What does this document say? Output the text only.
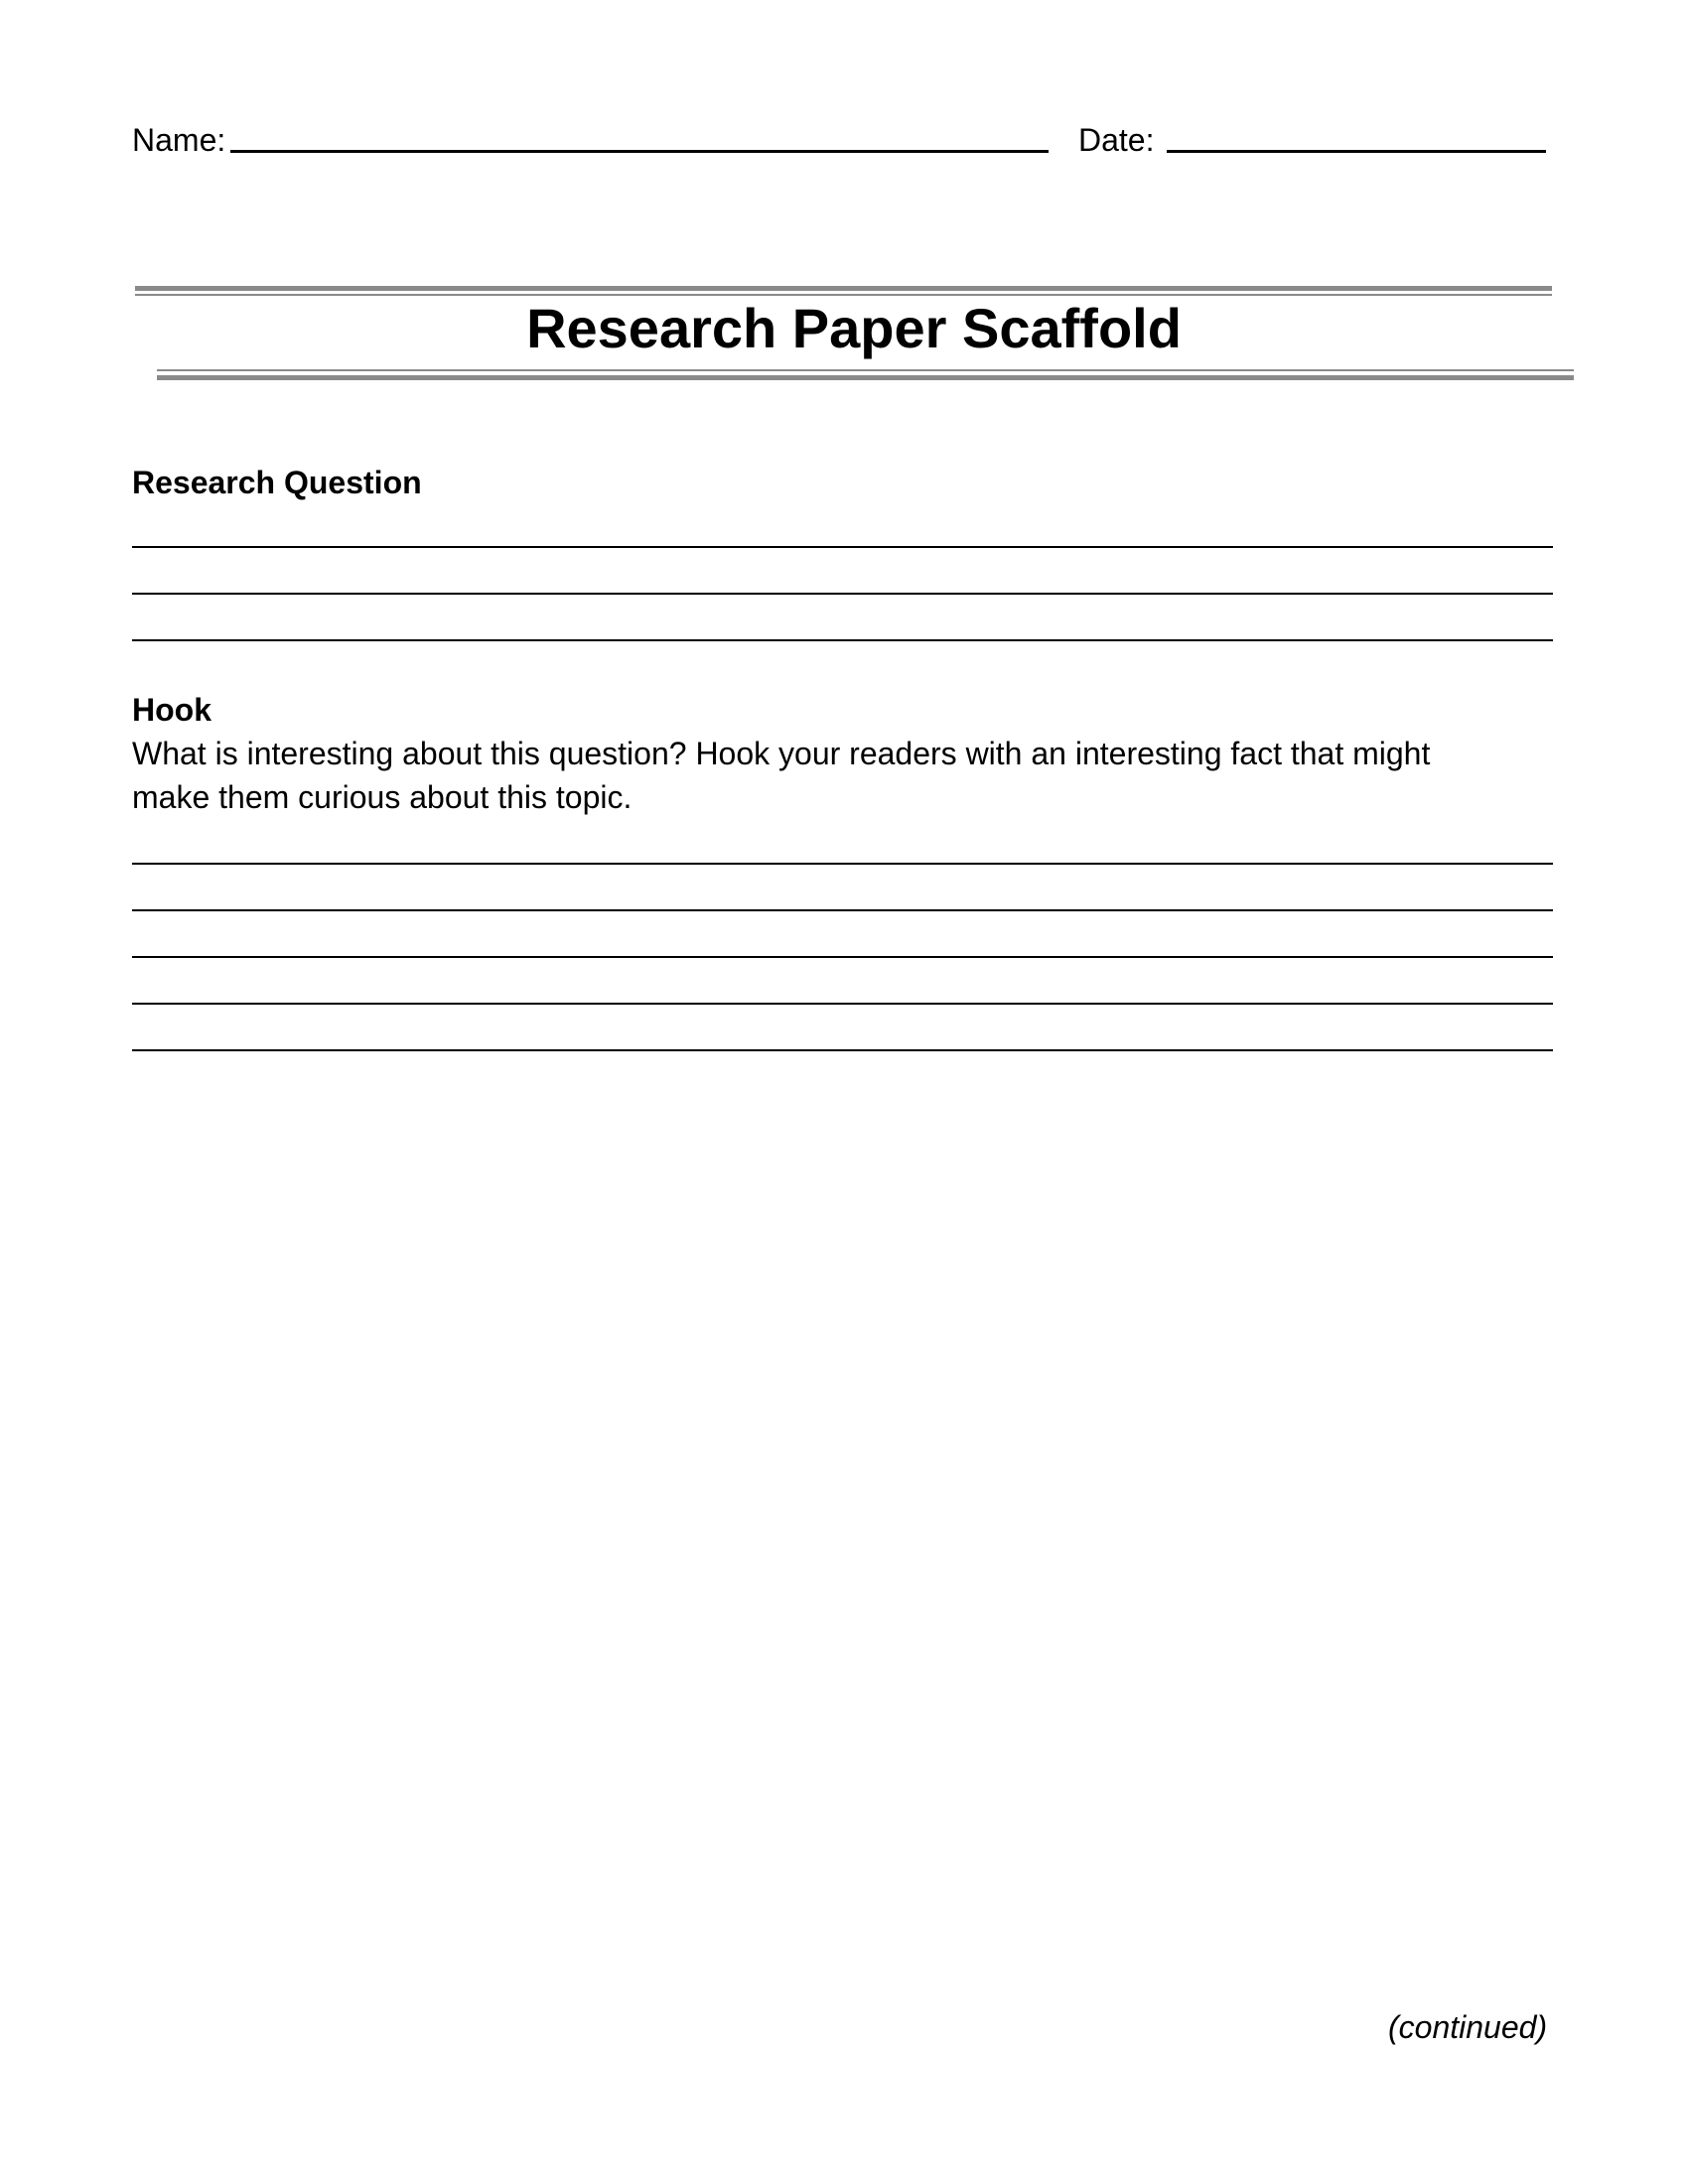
Name:	Date:
Research Paper Scaffold
Research Question
Hook
What is interesting about this question? Hook your readers with an interesting fact that might make them curious about this topic.
(continued)
